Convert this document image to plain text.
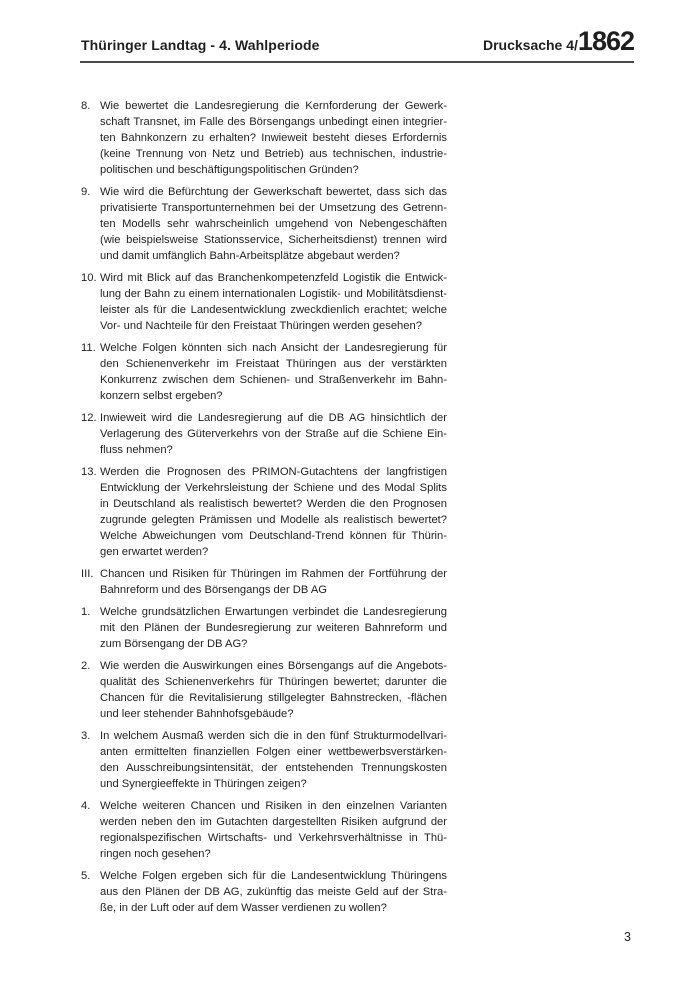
Thüringer Landtag - 4. Wahlperiode	Drucksache 4/1862
8. Wie bewertet die Landesregierung die Kernforderung der Gewerk-
schaft Transnet, im Falle des Börsengangs unbedingt einen integrier-
ten Bahnkonzern zu erhalten? Inwieweit besteht dieses Erfordernis
(keine Trennung von Netz und Betrieb) aus technischen, industrie-
politischen und beschäftigungspolitischen Gründen?
9. Wie wird die Befürchtung der Gewerkschaft bewertet, dass sich das
privatisierte Transportunternehmen bei der Umsetzung des Getrenn-
ten Modells sehr wahrscheinlich umgehend von Nebengeschäften
(wie beispielsweise Stationsservice, Sicherheitsdienst) trennen wird
und damit umfänglich Bahn-Arbeitsplätze abgebaut werden?
10. Wird mit Blick auf das Branchenkompetenzfeld Logistik die Entwick-
lung der Bahn zu einem internationalen Logistik- und Mobilitätsdienst-
leister als für die Landesentwicklung zweckdienlich erachtet; welche
Vor- und Nachteile für den Freistaat Thüringen werden gesehen?
11. Welche Folgen könnten sich nach Ansicht der Landesregierung für
den Schienenverkehr im Freistaat Thüringen aus der verstärkten
Konkurrenz zwischen dem Schienen- und Straßenverkehr im Bahn-
konzern selbst ergeben?
12. Inwieweit wird die Landesregierung auf die DB AG hinsichtlich der
Verlagerung des Güterverkehrs von der Straße auf die Schiene Ein-
fluss nehmen?
13. Werden die Prognosen des PRIMON-Gutachtens der langfristigen
Entwicklung der Verkehrsleistung der Schiene und des Modal Splits
in Deutschland als realistisch bewertet? Werden die den Prognosen
zugrunde gelegten Prämissen und Modelle als realistisch bewertet?
Welche Abweichungen vom Deutschland-Trend können für Thürin-
gen erwartet werden?
III. Chancen und Risiken für Thüringen im Rahmen der Fortführung der
Bahnreform und des Börsengangs der DB AG
1. Welche grundsätzlichen Erwartungen verbindet die Landesregierung
mit den Plänen der Bundesregierung zur weiteren Bahnreform und
zum Börsengang der DB AG?
2. Wie werden die Auswirkungen eines Börsengangs auf die Angebots-
qualität des Schienenverkehrs für Thüringen bewertet; darunter die
Chancen für die Revitalisierung stillgelegter Bahnstrecken, -flächen
und leer stehender Bahnhofsgebäude?
3. In welchem Ausmaß werden sich die in den fünf Strukturmodellvari-
anten ermittelten finanziellen Folgen einer wettbewerbsverstärken-
den Ausschreibungsintensität, der entstehenden Trennungskosten
und Synergieeffekte in Thüringen zeigen?
4. Welche weiteren Chancen und Risiken in den einzelnen Varianten
werden neben den im Gutachten dargestellten Risiken aufgrund der
regionalspezifischen Wirtschafts- und Verkehrsverhältnisse in Thü-
ringen noch gesehen?
5. Welche Folgen ergeben sich für die Landesentwicklung Thüringens
aus den Plänen der DB AG, zukünftig das meiste Geld auf der Stra-
ße, in der Luft oder auf dem Wasser verdienen zu wollen?
3
